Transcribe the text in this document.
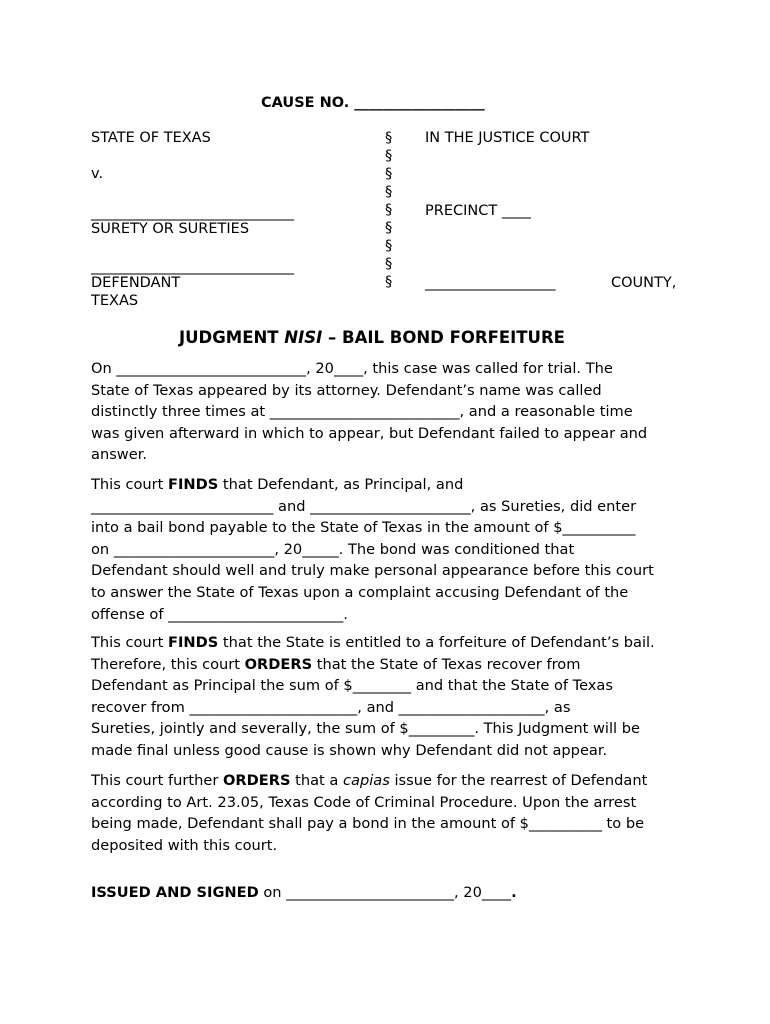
CAUSE NO. __________________
STATE OF TEXAS
v.
____________________________
SURETY OR SURETIES
____________________________
DEFENDANT
TEXAS
§
§
§
§
§
§
§
§
§
IN THE JUSTICE COURT
PRECINCT ____
__________________	COUNTY,
JUDGMENT NISI – BAIL BOND FORFEITURE
On __________________________, 20____, this case was called for trial. The
State of Texas appeared by its attorney. Defendant’s name was called
distinctly three times at __________________________, and a reasonable time
was given afterward in which to appear, but Defendant failed to appear and
answer.
This court FINDS that Defendant, as Principal, and
_________________________ and ______________________, as Sureties, did enter
into a bail bond payable to the State of Texas in the amount of $__________
on ______________________, 20_____. The bond was conditioned that
Defendant should well and truly make personal appearance before this court
to answer the State of Texas upon a complaint accusing Defendant of the
offense of ________________________.
This court FINDS that the State is entitled to a forfeiture of Defendant’s bail.
Therefore, this court ORDERS that the State of Texas recover from
Defendant as Principal the sum of $________ and that the State of Texas
recover from _______________________, and ____________________, as
Sureties, jointly and severally, the sum of $_________. This Judgment will be
made final unless good cause is shown why Defendant did not appear.
This court further ORDERS that a capias issue for the rearrest of Defendant
according to Art. 23.05, Texas Code of Criminal Procedure. Upon the arrest
being made, Defendant shall pay a bond in the amount of $__________ to be
deposited with this court.
ISSUED AND SIGNED on _______________________, 20____.
